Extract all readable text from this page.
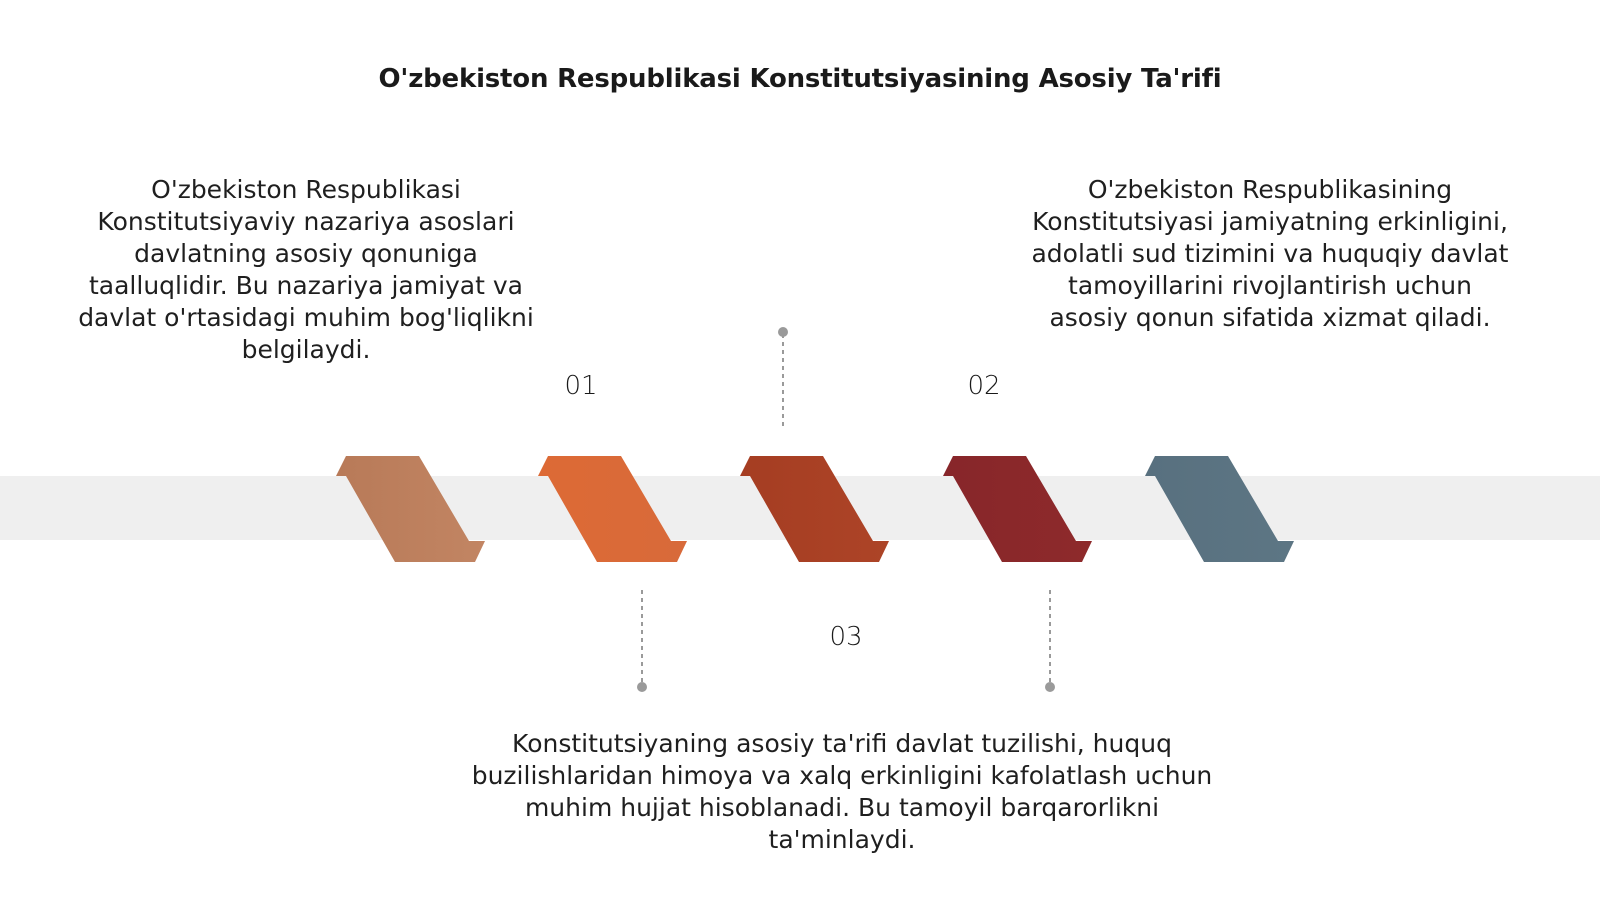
O'zbekiston Respublikasi Konstitutsiyasining Asosiy Ta'rifi
01	02
03
O'zbekiston Respublikasi Konstitutsiyaviy nazariya asoslari davlatning asosiy qonuniga taalluqlidir. Bu nazariya jamiyat va davlat o'rtasidagi muhim bog'liqlikni belgilaydi.
O'zbekiston Respublikasining Konstitutsiyasi jamiyatning erkinligini, adolatli sud tizimini va huquqiy davlat tamoyillarini rivojlantirish uchun asosiy qonun sifatida xizmat qiladi.
Konstitutsiyaning asosiy ta'rifi davlat tuzilishi, huquq buzilishlaridan himoya va xalq erkinligini kafolatlash uchun muhim hujjat hisoblanadi. Bu tamoyil barqarorlikni ta'minlaydi.
